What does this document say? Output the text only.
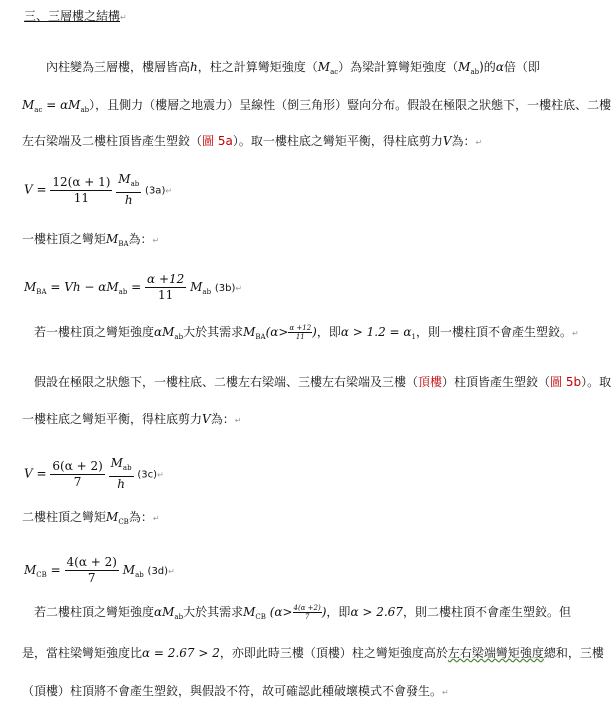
三、三層樓之結構↵
內柱變為三層樓，樓層皆高h，柱之計算彎矩強度$(M_{ac})$為梁計算彎矩強度$(M_{ab})$的α倍（即
$M_{ac} = \alpha M_{ab}$），且側力（樓層之地震力）呈線性（倒三角形）豎向分布。假設在極限之狀態下，一樓柱底、二樓
左右梁端及二樓柱頂皆產生塑鉸（圖 5a）。取一樓柱底之彎矩平衡，得柱底剪力V為：↵
$V = \frac{12(\alpha + 1)}{11}$
$\frac{M_{ab}}{h}$ (3a)↵
一樓柱頂之彎矩$M_{BA}$為：↵
$M_{BA} = Vh - \alpha M_{ab} = \frac{\alpha +12}{11} M_{ab}$ (3b)↵
若一樓柱頂之彎矩強度$\alpha M_{ab}$大於其需求$M_{BA}(\alpha> \frac{\alpha +12}{11}$ )，即$\alpha > 1.2 = \alpha_1$，則一樓柱頂不會產生塑鉸。↵
假設在極限之狀態下，一樓柱底、二樓左右梁端、三樓左右梁端及三樓（頂樓）柱頂皆產生塑鉸（圖 5b）。取
一樓柱底之彎矩平衡，得柱底剪力V為：↵
$V = \frac{6(\alpha + 2)}{7}$
$\frac{M_{ab}}{h}$ (3c)↵
二樓柱頂之彎矩$M_{CB}$為：↵
$M_{CB} = \frac{4(\alpha + 2)}{7} M_{ab}$ (3d)↵
若二樓柱頂之彎矩強度$\alpha M_{ab}$大於其需求$M_{CB}$ ($\alpha> \frac{4(\alpha +2)}{7}$ )，即α > 2.67，則二樓柱頂不會產生塑鉸。但
是，當柱梁彎矩強度比α = 2.67 > 2，亦即此時三樓（頂樓）柱之彎矩強度高於左右梁端彎矩強度總和，三樓
（頂樓）柱頂將不會產生塑鉸，與假設不符，故可確認此種破壞模式不會發生。↵
